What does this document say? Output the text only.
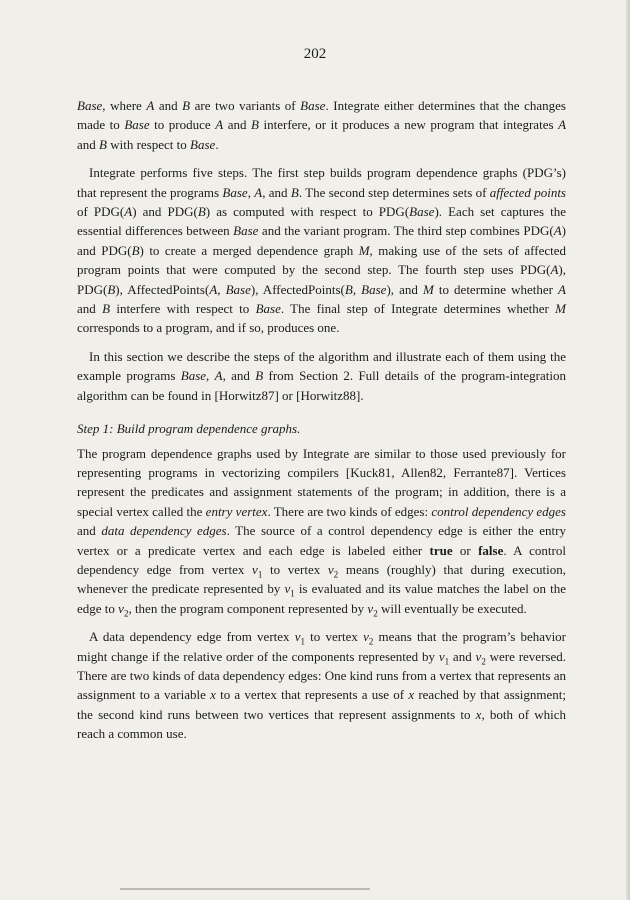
202

Base, where A and B are two variants of Base. Integrate either determines that the changes made to Base to produce A and B interfere, or it produces a new program that integrates A and B with respect to Base.

Integrate performs five steps. The first step builds program dependence graphs (PDG’s) that represent the programs Base, A, and B. The second step determines sets of affected points of PDG(A) and PDG(B) as computed with respect to PDG(Base). Each set captures the essential differences between Base and the variant program. The third step combines PDG(A) and PDG(B) to create a merged dependence graph M, making use of the sets of affected program points that were computed by the second step. The fourth step uses PDG(A), PDG(B), AffectedPoints(A, Base), AffectedPoints(B, Base), and M to determine whether A and B interfere with respect to Base. The final step of Integrate determines whether M corresponds to a program, and if so, produces one.

In this section we describe the steps of the algorithm and illustrate each of them using the example programs Base, A, and B from Section 2. Full details of the program-integration algorithm can be found in [Horwitz87] or [Horwitz88].

Step 1: Build program dependence graphs.

The program dependence graphs used by Integrate are similar to those used previously for representing programs in vectorizing compilers [Kuck81, Allen82, Ferrante87]. Vertices represent the predicates and assignment statements of the program; in addition, there is a special vertex called the entry vertex. There are two kinds of edges: control dependency edges and data dependency edges. The source of a control dependency edge is either the entry vertex or a predicate vertex and each edge is labeled either true or false. A control dependency edge from vertex $v_1$ to vertex $v_2$ means (roughly) that during execution, whenever the predicate represented by $v_1$ is evaluated and its value matches the label on the edge to $v_2$, then the program component represented by $v_2$ will eventually be executed.

A data dependency edge from vertex $v_1$ to vertex $v_2$ means that the program’s behavior might change if the relative order of the components represented by $v_1$ and $v_2$ were reversed. There are two kinds of data dependency edges: One kind runs from a vertex that represents an assignment to a variable x to a vertex that represents a use of x reached by that assignment; the second kind runs between two vertices that represent assignments to x, both of which reach a common use.
